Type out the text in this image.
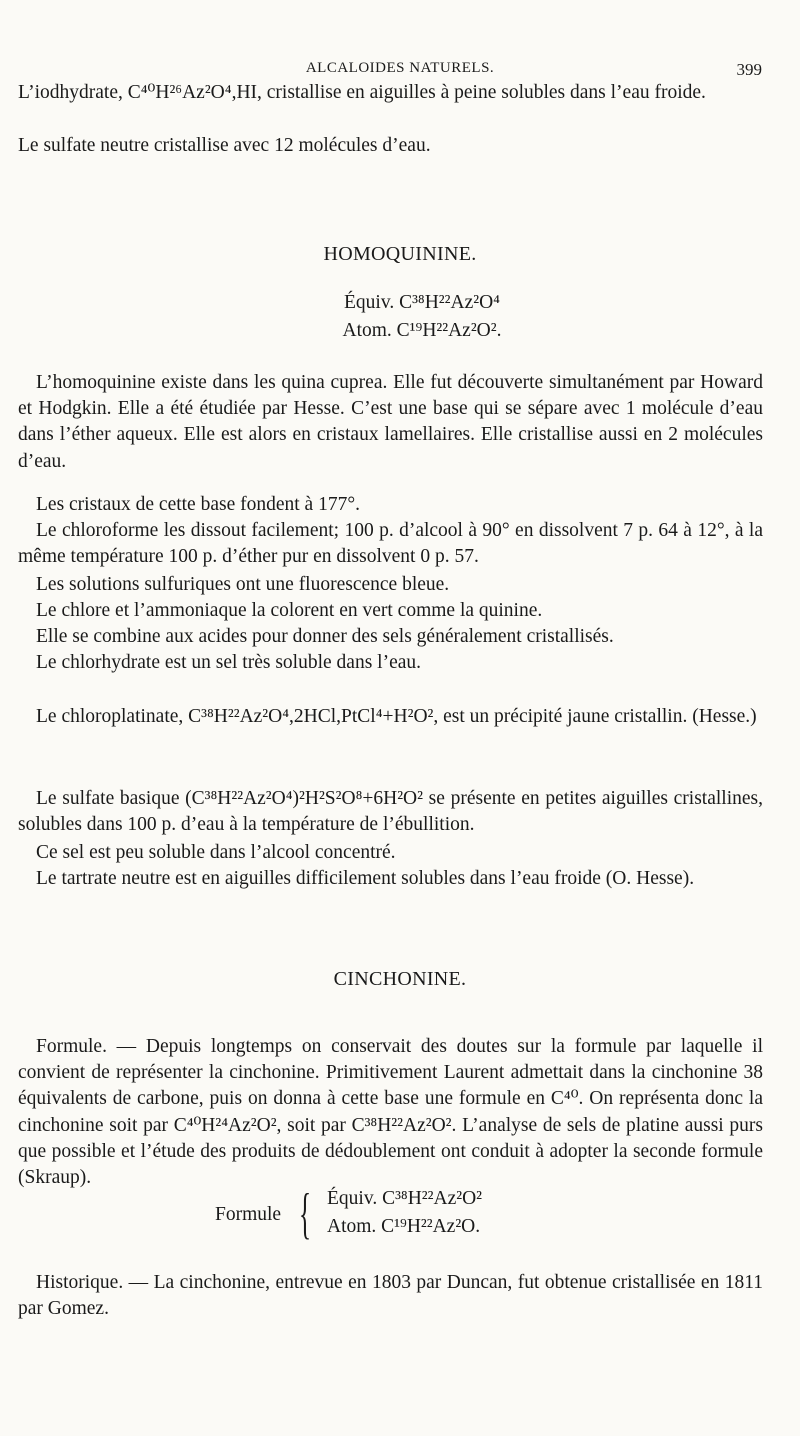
ALCALOIDES NATURELS.	399

L’iodhydrate, C⁴⁰H²⁶Az²O⁴,HI, cristallise en aiguilles à peine solubles dans l’eau froide.

Le sulfate neutre cristallise avec 12 molécules d’eau.

HOMOQUININE.
Équiv. C³⁸H²²Az²O⁴
Atom. C¹⁹H²²Az²O².

L’homoquinine existe dans les quina cuprea. Elle fut découverte simultanément par Howard et Hodgkin. Elle a été étudiée par Hesse. C’est une base qui se sépare avec 1 molécule d’eau dans l’éther aqueux. Elle est alors en cristaux lamellaires. Elle cristallise aussi en 2 molécules d’eau.

Les cristaux de cette base fondent à 177°.

Le chloroforme les dissout facilement; 100 p. d’alcool à 90° en dissolvent 7 p. 64 à 12°, à la même température 100 p. d’éther pur en dissolvent 0 p. 57.

Les solutions sulfuriques ont une fluorescence bleue.

Le chlore et l’ammoniaque la colorent en vert comme la quinine.

Elle se combine aux acides pour donner des sels généralement cristallisés.

Le chlorhydrate est un sel très soluble dans l’eau.

Le chloroplatinate, C³⁸H²²Az²O⁴,2HCl,PtCl⁴+H²O², est un précipité jaune cristallin. (Hesse.)

Le sulfate basique (C³⁸H²²Az²O⁴)²H²S²O⁸+6H²O² se présente en petites aiguilles cristallines, solubles dans 100 p. d’eau à la température de l’ébullition.

Ce sel est peu soluble dans l’alcool concentré.

Le tartrate neutre est en aiguilles difficilement solubles dans l’eau froide (O. Hesse).

CINCHONINE.

Formule. — Depuis longtemps on conservait des doutes sur la formule par laquelle il convient de représenter la cinchonine. Primitivement Laurent admettait dans la cinchonine 38 équivalents de carbone, puis on donna à cette base une formule en C⁴⁰. On représenta donc la cinchonine soit par C⁴⁰H²⁴Az²O², soit par C³⁸H²²Az²O². L’analyse de sels de platine aussi purs que possible et l’étude des produits de dédoublement ont conduit à adopter la seconde formule (Skraup).

Formule { Équiv. C³⁸H²²Az²O²
Atom. C¹⁹H²²Az²O.

Historique. — La cinchonine, entrevue en 1803 par Duncan, fut obtenue cristallisée en 1811 par Gomez.
